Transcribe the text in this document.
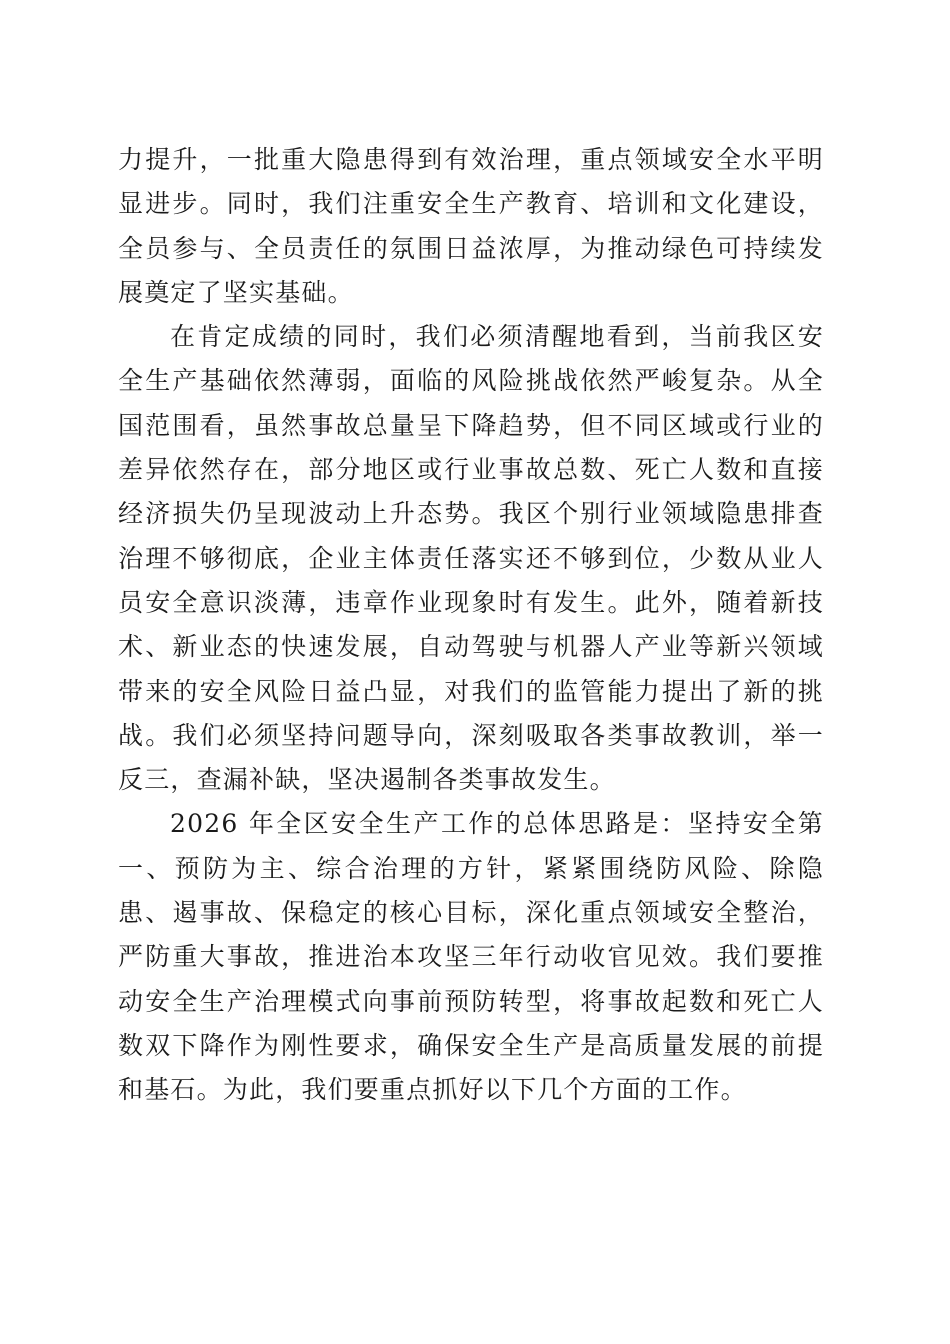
力提升，一批重大隐患得到有效治理，重点领域安全水平明显进步。同时，我们注重安全生产教育、培训和文化建设，全员参与、全员责任的氛围日益浓厚，为推动绿色可持续发展奠定了坚实基础。

在肯定成绩的同时，我们必须清醒地看到，当前我区安全生产基础依然薄弱，面临的风险挑战依然严峻复杂。从全国范围看，虽然事故总量呈下降趋势，但不同区域或行业的差异依然存在，部分地区或行业事故总数、死亡人数和直接经济损失仍呈现波动上升态势。我区个别行业领域隐患排查治理不够彻底，企业主体责任落实还不够到位，少数从业人员安全意识淡薄，违章作业现象时有发生。此外，随着新技术、新业态的快速发展，自动驾驶与机器人产业等新兴领域带来的安全风险日益凸显，对我们的监管能力提出了新的挑战。我们必须坚持问题导向，深刻吸取各类事故教训，举一反三，查漏补缺，坚决遏制各类事故发生。

2026 年全区安全生产工作的总体思路是：坚持安全第一、预防为主、综合治理的方针，紧紧围绕防风险、除隐患、遏事故、保稳定的核心目标，深化重点领域安全整治，严防重大事故，推进治本攻坚三年行动收官见效。我们要推动安全生产治理模式向事前预防转型，将事故起数和死亡人数双下降作为刚性要求，确保安全生产是高质量发展的前提和基石。为此，我们要重点抓好以下几个方面的工作。
